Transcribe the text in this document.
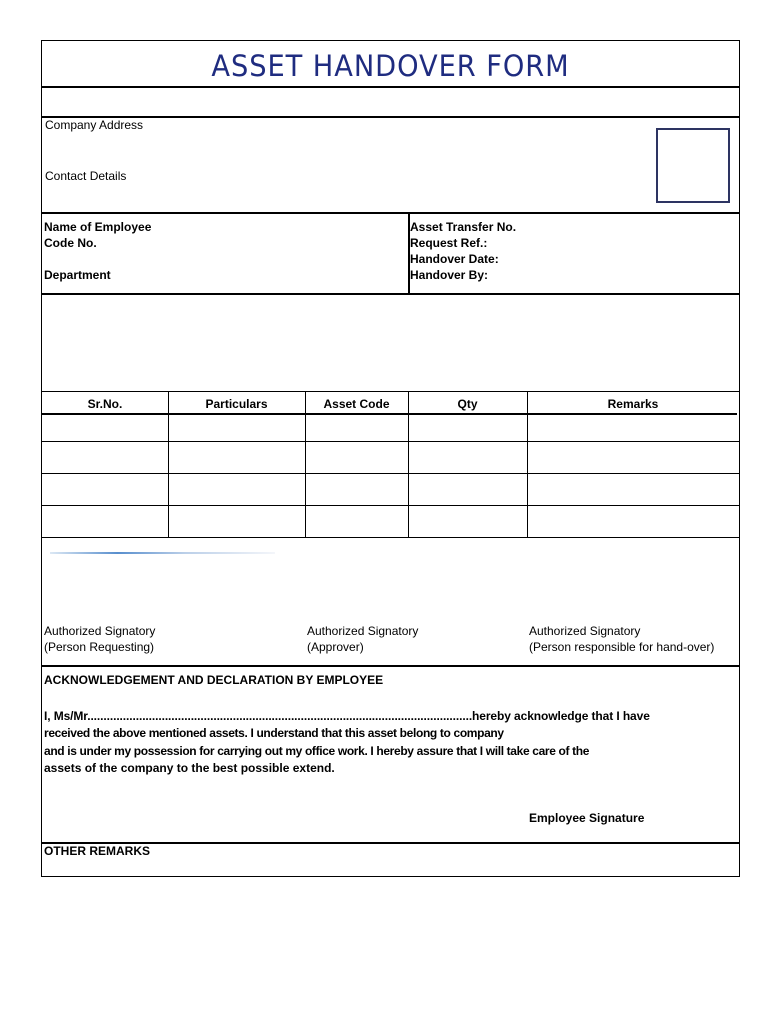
ASSET HANDOVER FORM
Company Address
Contact Details
Name of Employee
Code No.
Department
Asset Transfer No.
Request Ref.:
Handover Date:
Handover By:
Sr.No.	Particulars	Asset Code	Qty	Remarks
Authorized Signatory
(Person Requesting)
Authorized Signatory
(Approver)
Authorized Signatory
(Person responsible for hand-over)
ACKNOWLEDGEMENT AND DECLARATION BY EMPLOYEE
I, Ms/Mr.......................................................................................................................hereby acknowledge that I have
received the above mentioned assets. I understand that this asset belong to company
and is under my possession for carrying out my office work. I hereby assure that I will take care of the
assets of the company to the best possible extend.
Employee Signature
OTHER REMARKS
